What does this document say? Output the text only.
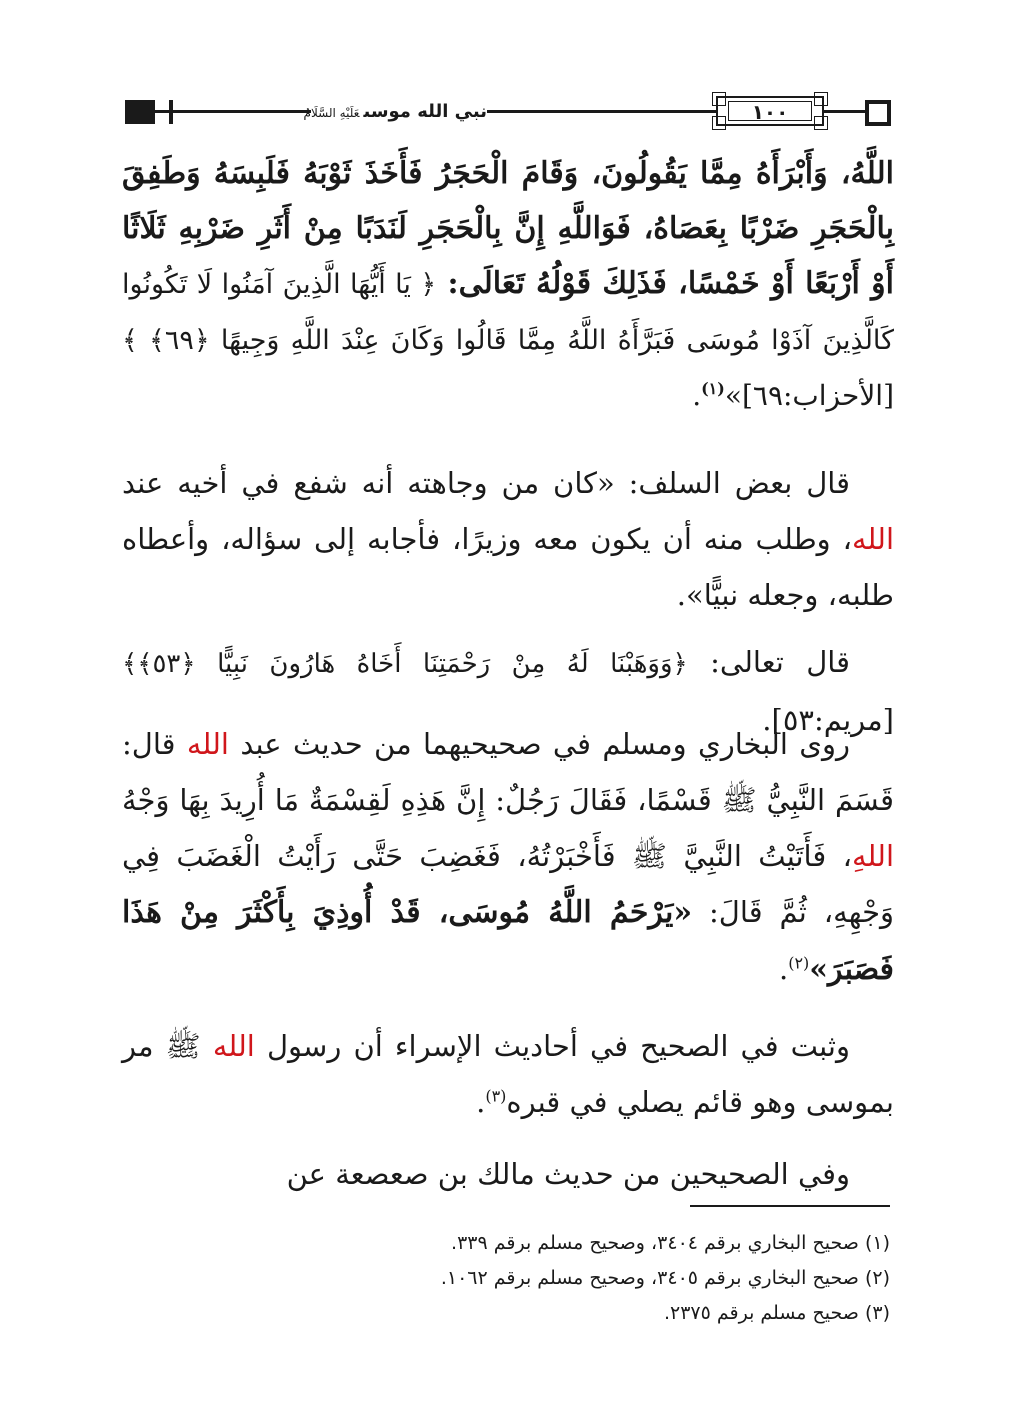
نبي الله موسىعَلَيْهِ السَّلَامُ	١٠٠
اللَّهُ، وَأَبْرَأَهُ مِمَّا يَقُولُونَ، وَقَامَ الْحَجَرُ فَأَخَذَ ثَوْبَهُ فَلَبِسَهُ وَطَفِقَ بِالْحَجَرِ ضَرْبًا بِعَصَاهُ، فَوَاللَّهِ إِنَّ بِالْحَجَرِ لَنَدَبًا مِنْ أَثَرِ ضَرْبِهِ ثَلَاثًا أَوْ أَرْبَعًا أَوْ خَمْسًا، فَذَلِكَ قَوْلُهُ تَعَالَى: ﴿ يَا أَيُّهَا الَّذِينَ آمَنُوا لَا تَكُونُوا كَالَّذِينَ آذَوْا مُوسَى فَبَرَّأَهُ اللَّهُ مِمَّا قَالُوا وَكَانَ عِنْدَ اللَّهِ وَجِيهًا ﴿٦٩﴾ ﴾ [الأحزاب:٦٩]»$^{(١)}$.
قال بعض السلف: «كان من وجاهته أنه شفع في أخيه عند الله، وطلب منه أن يكون معه وزيرًا، فأجابه إلى سؤاله، وأعطاه طلبه، وجعله نبيًّا».
قال تعالى: ﴿وَوَهَبْنَا لَهُ مِنْ رَحْمَتِنَا أَخَاهُ هَارُونَ نَبِيًّا ﴿٥٣﴾﴾ [مريم:٥٣].
روى البخاري ومسلم في صحيحيهما من حديث عبد الله قال: قَسَمَ النَّبِيُّ ﷺ قَسْمًا، فَقَالَ رَجُلٌ: إِنَّ هَذِهِ لَقِسْمَةٌ مَا أُرِيدَ بِهَا وَجْهُ اللهِ، فَأَتَيْتُ النَّبِيَّ ﷺ فَأَخْبَرْتُهُ، فَغَضِبَ حَتَّى رَأَيْتُ الْغَضَبَ فِي وَجْهِهِ، ثُمَّ قَالَ: «يَرْحَمُ اللَّهُ مُوسَى، قَدْ أُوذِيَ بِأَكْثَرَ مِنْ هَذَا فَصَبَرَ»$^{(٢)}$.
وثبت في الصحيح في أحاديث الإسراء أن رسول الله ﷺ مر بموسى وهو قائم يصلي في قبره$^{(٣)}$.
وفي الصحيحين من حديث مالك بن صعصعة عن
(١) صحيح البخاري برقم ٣٤٠٤، وصحيح مسلم برقم ٣٣٩.
(٢) صحيح البخاري برقم ٣٤٠٥، وصحيح مسلم برقم ١٠٦٢.
(٣) صحيح مسلم برقم ٢٣٧٥.
